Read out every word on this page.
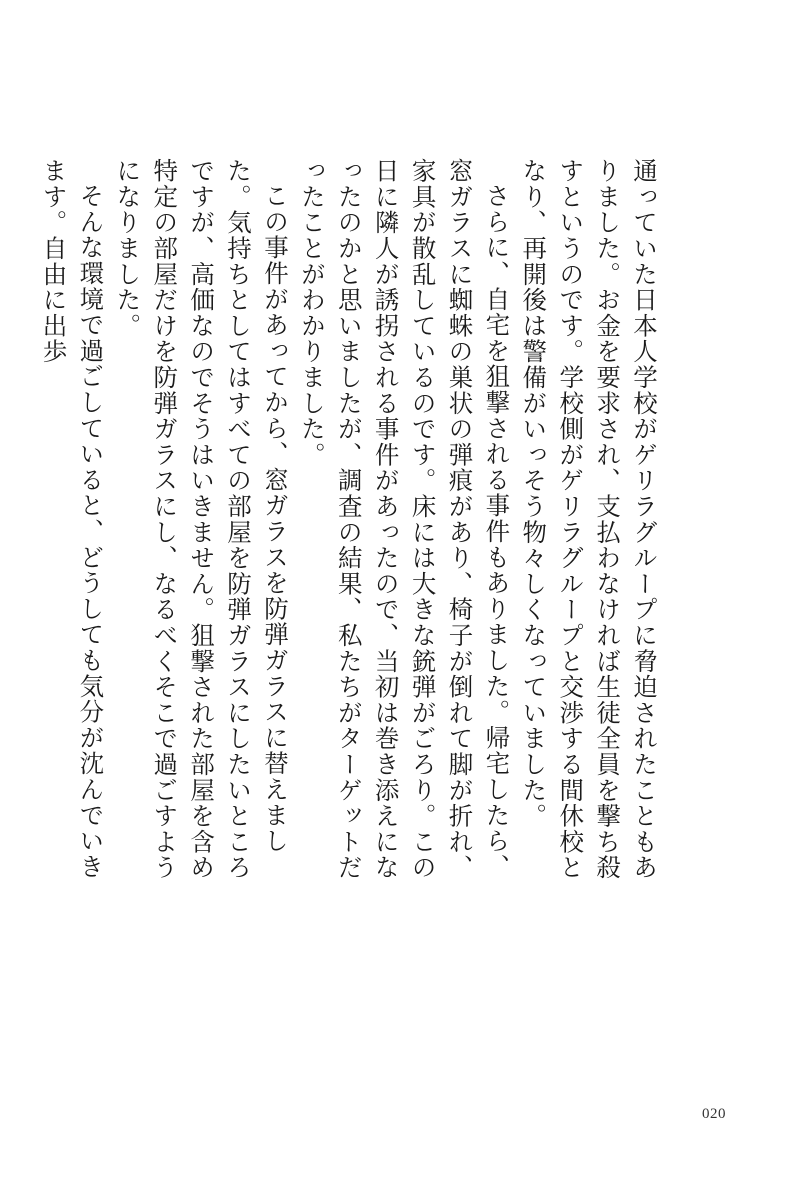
通っていた日本人学校がゲリラグループに脅迫されたこともありました。お金を要求され、支払わなければ生徒全員を撃ち殺すというのです。学校側がゲリラグループと交渉する間休校となり、再開後は警備がいっそう物々しくなっていました。

さらに、自宅を狙撃される事件もありました。帰宅したら、窓ガラスに蜘蛛の巣状の弾痕があり、椅子が倒れて脚が折れ、家具が散乱しているのです。床には大きな銃弾がごろり。この日に隣人が誘拐される事件があったので、当初は巻き添えになったのかと思いましたが、調査の結果、私たちがターゲットだったことがわかりました。

この事件があってから、窓ガラスを防弾ガラスに替えました。気持ちとしてはすべての部屋を防弾ガラスにしたいところですが、高価なのでそうはいきません。狙撃された部屋を含め特定の部屋だけを防弾ガラスにし、なるべくそこで過ごすようになりました。

そんな環境で過ごしていると、どうしても気分が沈んでいきます。自由に出歩

020
